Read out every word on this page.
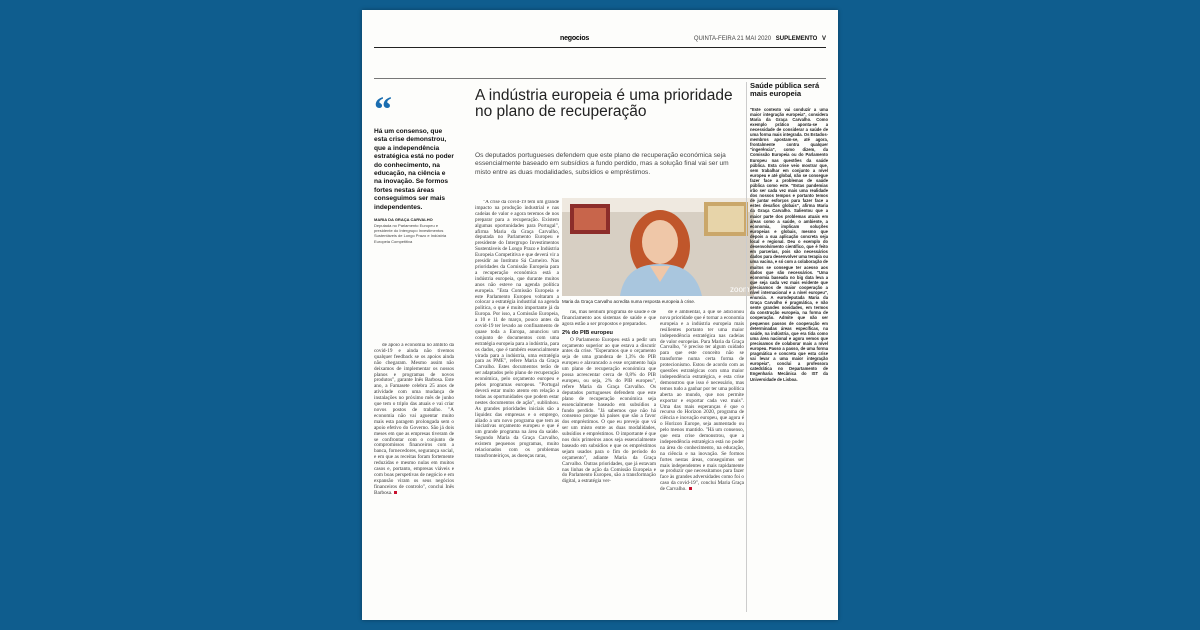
negocios	QUINTA-FEIRA 21 MAI 2020 SUPLEMENTO V
“
Há um consenso, que esta crise demonstrou, que a independência estratégica está no poder do conhecimento, na educação, na ciência e na inovação. Se formos fortes nestas áreas conseguimos ser mais independentes.
MARIA DA GRAÇA CARVALHO
Deputada no Parlamento Europeu e presidente do Intergrupo Investimentos Sustentáveis de Longo Prazo e Indústria Europeia Competitiva
A indústria europeia é uma prioridade no plano de recuperação
Os deputados portugueses defendem que este plano de recuperação económica seja essencialmente baseado em subsídios a fundo perdido, mas a solução final vai ser um misto entre as duas modalidades, subsídios e empréstimos.

de apoio à economia no âmbito da covid-19 e ainda não tivemos qualquer feedback se os apoios ainda não chegaram. Mesmo assim não deixamos de implementar os nossos planos e programas de novos produtos", garante Inês Barbosa. Este ano, a Famasete celebra 25 anos de atividade com uma mudança de instalações no próximo mês de junho que tem o triplo das atuais e vai criar novos postos de trabalho. "A economia não vai aguentar muito mais esta paragem prolongada sem o apoio efetivo do Governo. São já dois meses em que as empresas tiveram de se confrontar com o conjunto de compromissos financeiros com a banca, fornecedores, segurança social, e em que as receitas foram fortemente reduzidas e mesmo nulas em muitos casos e, portanto, empresas viáveis e com boas perspetivas de negócio e em expansão viram os seus negócios financeiros de controlo", conclui Inês Barbosa.

"A crise da covid-19 tem um grande impacto na produção industrial e nas cadeias de valor e agora teremos de nos preparar para a recuperação. Existem algumas oportunidades para Portugal", afirma Maria da Graça Carvalho, deputada no Parlamento Europeu e presidente do Intergrupo Investimentos Sustentáveis de Longo Prazo e Indústria Europeia Competitiva e que deverá vir a presidir ao Instituto Sá Carneiro. Nas prioridades da Comissão Europeia para a recuperação económica está a indústria europeia, que durante muitos anos não esteve na agenda política europeia. "Esta Comissão Europeia e este Parlamento Europeu voltaram a colocar a estratégia industrial na agenda política, o que é muito importante já da Europa. Por isso, a Comissão Europeia, a 10 e 11 de março, pouco antes da covid-19 ter levado ao confinamento de quase toda a Europa, anunciou um conjunto de documentos com uma estratégia europeia para a indústria, para os dados, que é também essencialmente virada para a indústria, uma estratégia para as PME", refere Maria da Graça Carvalho. Estes documentos terão de ser adaptados pelo plano de recuperação económica, pelo orçamento europeu e pelos programas europeus. "Portugal deverá estar muito atento em relação a todas as oportunidades que podem estar nestes documentos de ação", sublinhou. As grandes prioridades iniciais são a liquidez das empresas e o emprego, aliado a um novo programa que tem as iniciativas orçamento europeu e que é um grande programa na área da saúde. Segundo Maria da Graça Carvalho, existem pequenos programas, muito relacionados com os problemas transfronteiriços, as doenças raras,

zoom
Maria da Graça Carvalho acredita numa resposta europeia à crise.

ras, mas nenhum programa de saúde e de financiamento aos sistemas de saúde e que agora estão a ser propostos e preparados.

2% do PIB europeu

O Parlamento Europeu está a pedir um orçamento superior ao que estava a discutir antes da crise. "Esperamos que o orçamento seja de uma grandeza de 1,3% do PIB europeu e alavancado a esse orçamento haja um plano de recuperação económica que possa acrescentar cerca de 0,8% do PIB europeu, ou seja, 2% do PIB europeu", refere Maria da Graça Carvalho. Os deputados portugueses defendem que este plano de recuperação económica seja essencialmente baseado em subsídios a fundo perdido. "Já sabemos que não há consenso porque há países que são a favor dos empréstimos. O que eu prevejo que vá ser um misto entre as duas modalidades, subsídios e empréstimos. O importante é que nos dois primeiros anos seja essencialmente baseado em subsídios e que os empréstimos sejam usados para o fim do período do orçamento", adiante Maria da Graça Carvalho. Outras prioridades, que já estavam nas linhas de ação da Comissão Europeia e do Parlamento Europeu, são a transformação digital, a estratégia ver-

de e ambiental, a que se adicionou nova prioridade que é tornar a economia europeia e a indústria europeia mais resilientes portanto ter uma maior independência estratégica nas cadeias de valor europeias. Para Maria da Graça Carvalho, "é preciso ter algum cuidado para que este conceito não se transforme numa certa forma de protecionismo. Estou de acordo com as questões estratégicas com uma maior independência estratégica, e esta crise demonstrou que isso é necessário, mas temos tudo a ganhar por ter uma política aberta ao mundo, que nos permite exportar e exportar cada vez mais". Uma das mais esperanças é que o recurso do Horizon 2020, programa de ciência e inovação europeu, que agora é o Horizon Europe, seja aumentado ou pelo menos mantido. "Há um consenso, que esta crise demonstrou, que a independência estratégica está no poder na área do conhecimento, na educação, na ciência e na inovação. Se formos fortes nestas áreas, conseguimos ser mais independentes e mais rapidamente se produzir que necessitamos para fazer face às grandes adversidades como foi o caso da covid-19", conclui Maria Graça de Carvalho.

Saúde pública será mais europeia

"Este contexto vai conduzir a uma maior integração europeia", considera Maria da Graça Carvalho. Como exemplo prático aponta-se a necessidade de considerar a saúde de uma forma mais integrada. Os Estados-membros apostam-se, até agora, frontalmente contra qualquer "ingerência", como dizem, da Comissão Europeia ou do Parlamento Europeu nas questões da saúde pública. Esta crise veio mostrar que, sem trabalhar em conjunto a nível europeu e até global, não se consegue fazer face a problemas de saúde pública como este. "Estas pandemias irão ser cada vez mais uma realidade dos nossos tempos e portanto temos de juntar esforços para fazer face a estes desafios globais", afirma Maria da Graça Carvalho. Salientou que a maior parte dos problemas atuais em áreas como a saúde, o ambiente, a economia, implicam soluções europeias e globais, mesmo que depois a sua aplicação concreta seja local e regional. Deu o exemplo do desenvolvimento científico, que é feito em parcerias, pois são necessários dados para desenvolver uma terapia ou uma vacina, e só com a colaboração de muitos se consegue ter acesso aos dados que são necessários. "Uma economia baseada no big data leva a que seja cada vez mais evidente que precisamos de maior cooperação a nível internacional e a nível europeu", enuncia. A eurodeputada Maria da Graça Carvalho é pragmática, e não sente grandes novidades, em termos da construção europeia, na forma de cooperação. Admite que não ser pequenos passos de cooperação em determinadas áreas específicas, na saúde, na indústria, que era tida como uma área nacional e agora vemos que precisamos de colaborar mais a nível europeu. Passo a passo, de uma forma pragmática e concreta que esta crise vai levar a uma maior integração europeia", conclui a professora catedrática no Departamento de Engenharia Mecânica do IST da Universidade de Lisboa.
